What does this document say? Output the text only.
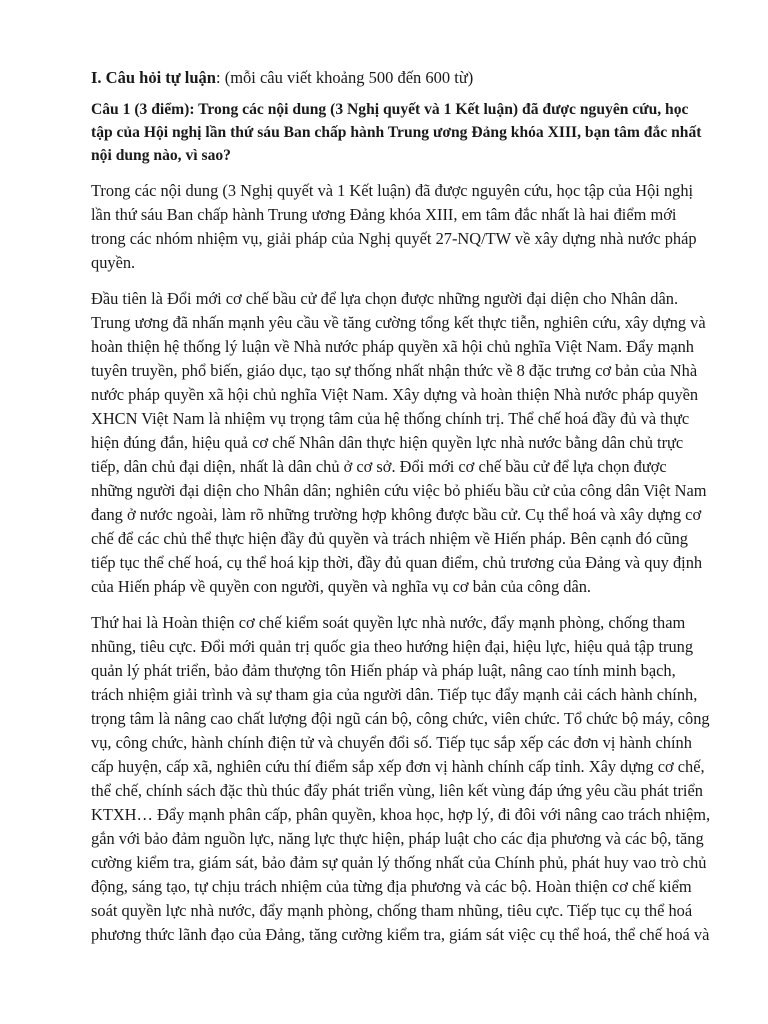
I. Câu hỏi tự luận: (mỗi câu viết khoảng 500 đến 600 từ)
Câu 1 (3 điểm): Trong các nội dung (3 Nghị quyết và 1 Kết luận) đã được nguyên cứu, học tập của Hội nghị lần thứ sáu Ban chấp hành Trung ương Đảng khóa XIII, bạn tâm đắc nhất nội dung nào, vì sao?
Trong các nội dung (3 Nghị quyết và 1 Kết luận) đã được nguyên cứu, học tập của Hội nghị lần thứ sáu Ban chấp hành Trung ương Đảng khóa XIII, em tâm đắc nhất là hai điểm mới trong các nhóm nhiệm vụ, giải pháp của Nghị quyết 27-NQ/TW về xây dựng nhà nước pháp quyền.
Đầu tiên là Đổi mới cơ chế bầu cử để lựa chọn được những người đại diện cho Nhân dân. Trung ương đã nhấn mạnh yêu cầu về tăng cường tổng kết thực tiễn, nghiên cứu, xây dựng và hoàn thiện hệ thống lý luận về Nhà nước pháp quyền xã hội chủ nghĩa Việt Nam. Đẩy mạnh tuyên truyền, phổ biến, giáo dục, tạo sự thống nhất nhận thức về 8 đặc trưng cơ bản của Nhà nước pháp quyền xã hội chủ nghĩa Việt Nam. Xây dựng và hoàn thiện Nhà nước pháp quyền XHCN Việt Nam là nhiệm vụ trọng tâm của hệ thống chính trị. Thể chế hoá đầy đủ và thực hiện đúng đắn, hiệu quả cơ chế Nhân dân thực hiện quyền lực nhà nước bằng dân chủ trực tiếp, dân chủ đại diện, nhất là dân chủ ở cơ sở. Đổi mới cơ chế bầu cử để lựa chọn được những người đại diện cho Nhân dân; nghiên cứu việc bỏ phiếu bầu cử của công dân Việt Nam đang ở nước ngoài, làm rõ những trường hợp không được bầu cử. Cụ thể hoá và xây dựng cơ chế để các chủ thể thực hiện đầy đủ quyền và trách nhiệm về Hiến pháp. Bên cạnh đó cũng tiếp tục thể chế hoá, cụ thể hoá kịp thời, đầy đủ quan điểm, chủ trương của Đảng và quy định của Hiến pháp về quyền con người, quyền và nghĩa vụ cơ bản của công dân.
Thứ hai là Hoàn thiện cơ chế kiểm soát quyền lực nhà nước, đẩy mạnh phòng, chống tham nhũng, tiêu cực. Đổi mới quản trị quốc gia theo hướng hiện đại, hiệu lực, hiệu quả tập trung quản lý phát triển, bảo đảm thượng tôn Hiến pháp và pháp luật, nâng cao tính minh bạch, trách nhiệm giải trình và sự tham gia của người dân. Tiếp tục đẩy mạnh cải cách hành chính, trọng tâm là nâng cao chất lượng đội ngũ cán bộ, công chức, viên chức. Tổ chức bộ máy, công vụ, công chức, hành chính điện tử và chuyển đổi số. Tiếp tục sắp xếp các đơn vị hành chính cấp huyện, cấp xã, nghiên cứu thí điểm sắp xếp đơn vị hành chính cấp tỉnh. Xây dựng cơ chế, thể chế, chính sách đặc thù thúc đẩy phát triển vùng, liên kết vùng đáp ứng yêu cầu phát triển KTXH… Đẩy mạnh phân cấp, phân quyền, khoa học, hợp lý, đi đôi với nâng cao trách nhiệm, gắn với bảo đảm nguồn lực, năng lực thực hiện, pháp luật cho các địa phương và các bộ, tăng cường kiểm tra, giám sát, bảo đảm sự quản lý thống nhất của Chính phủ, phát huy vao trò chủ động, sáng tạo, tự chịu trách nhiệm của từng địa phương và các bộ. Hoàn thiện cơ chế kiểm soát quyền lực nhà nước, đẩy mạnh phòng, chống tham nhũng, tiêu cực. Tiếp tục cụ thể hoá phương thức lãnh đạo của Đảng, tăng cường kiểm tra, giám sát việc cụ thể hoá, thể chế hoá và
